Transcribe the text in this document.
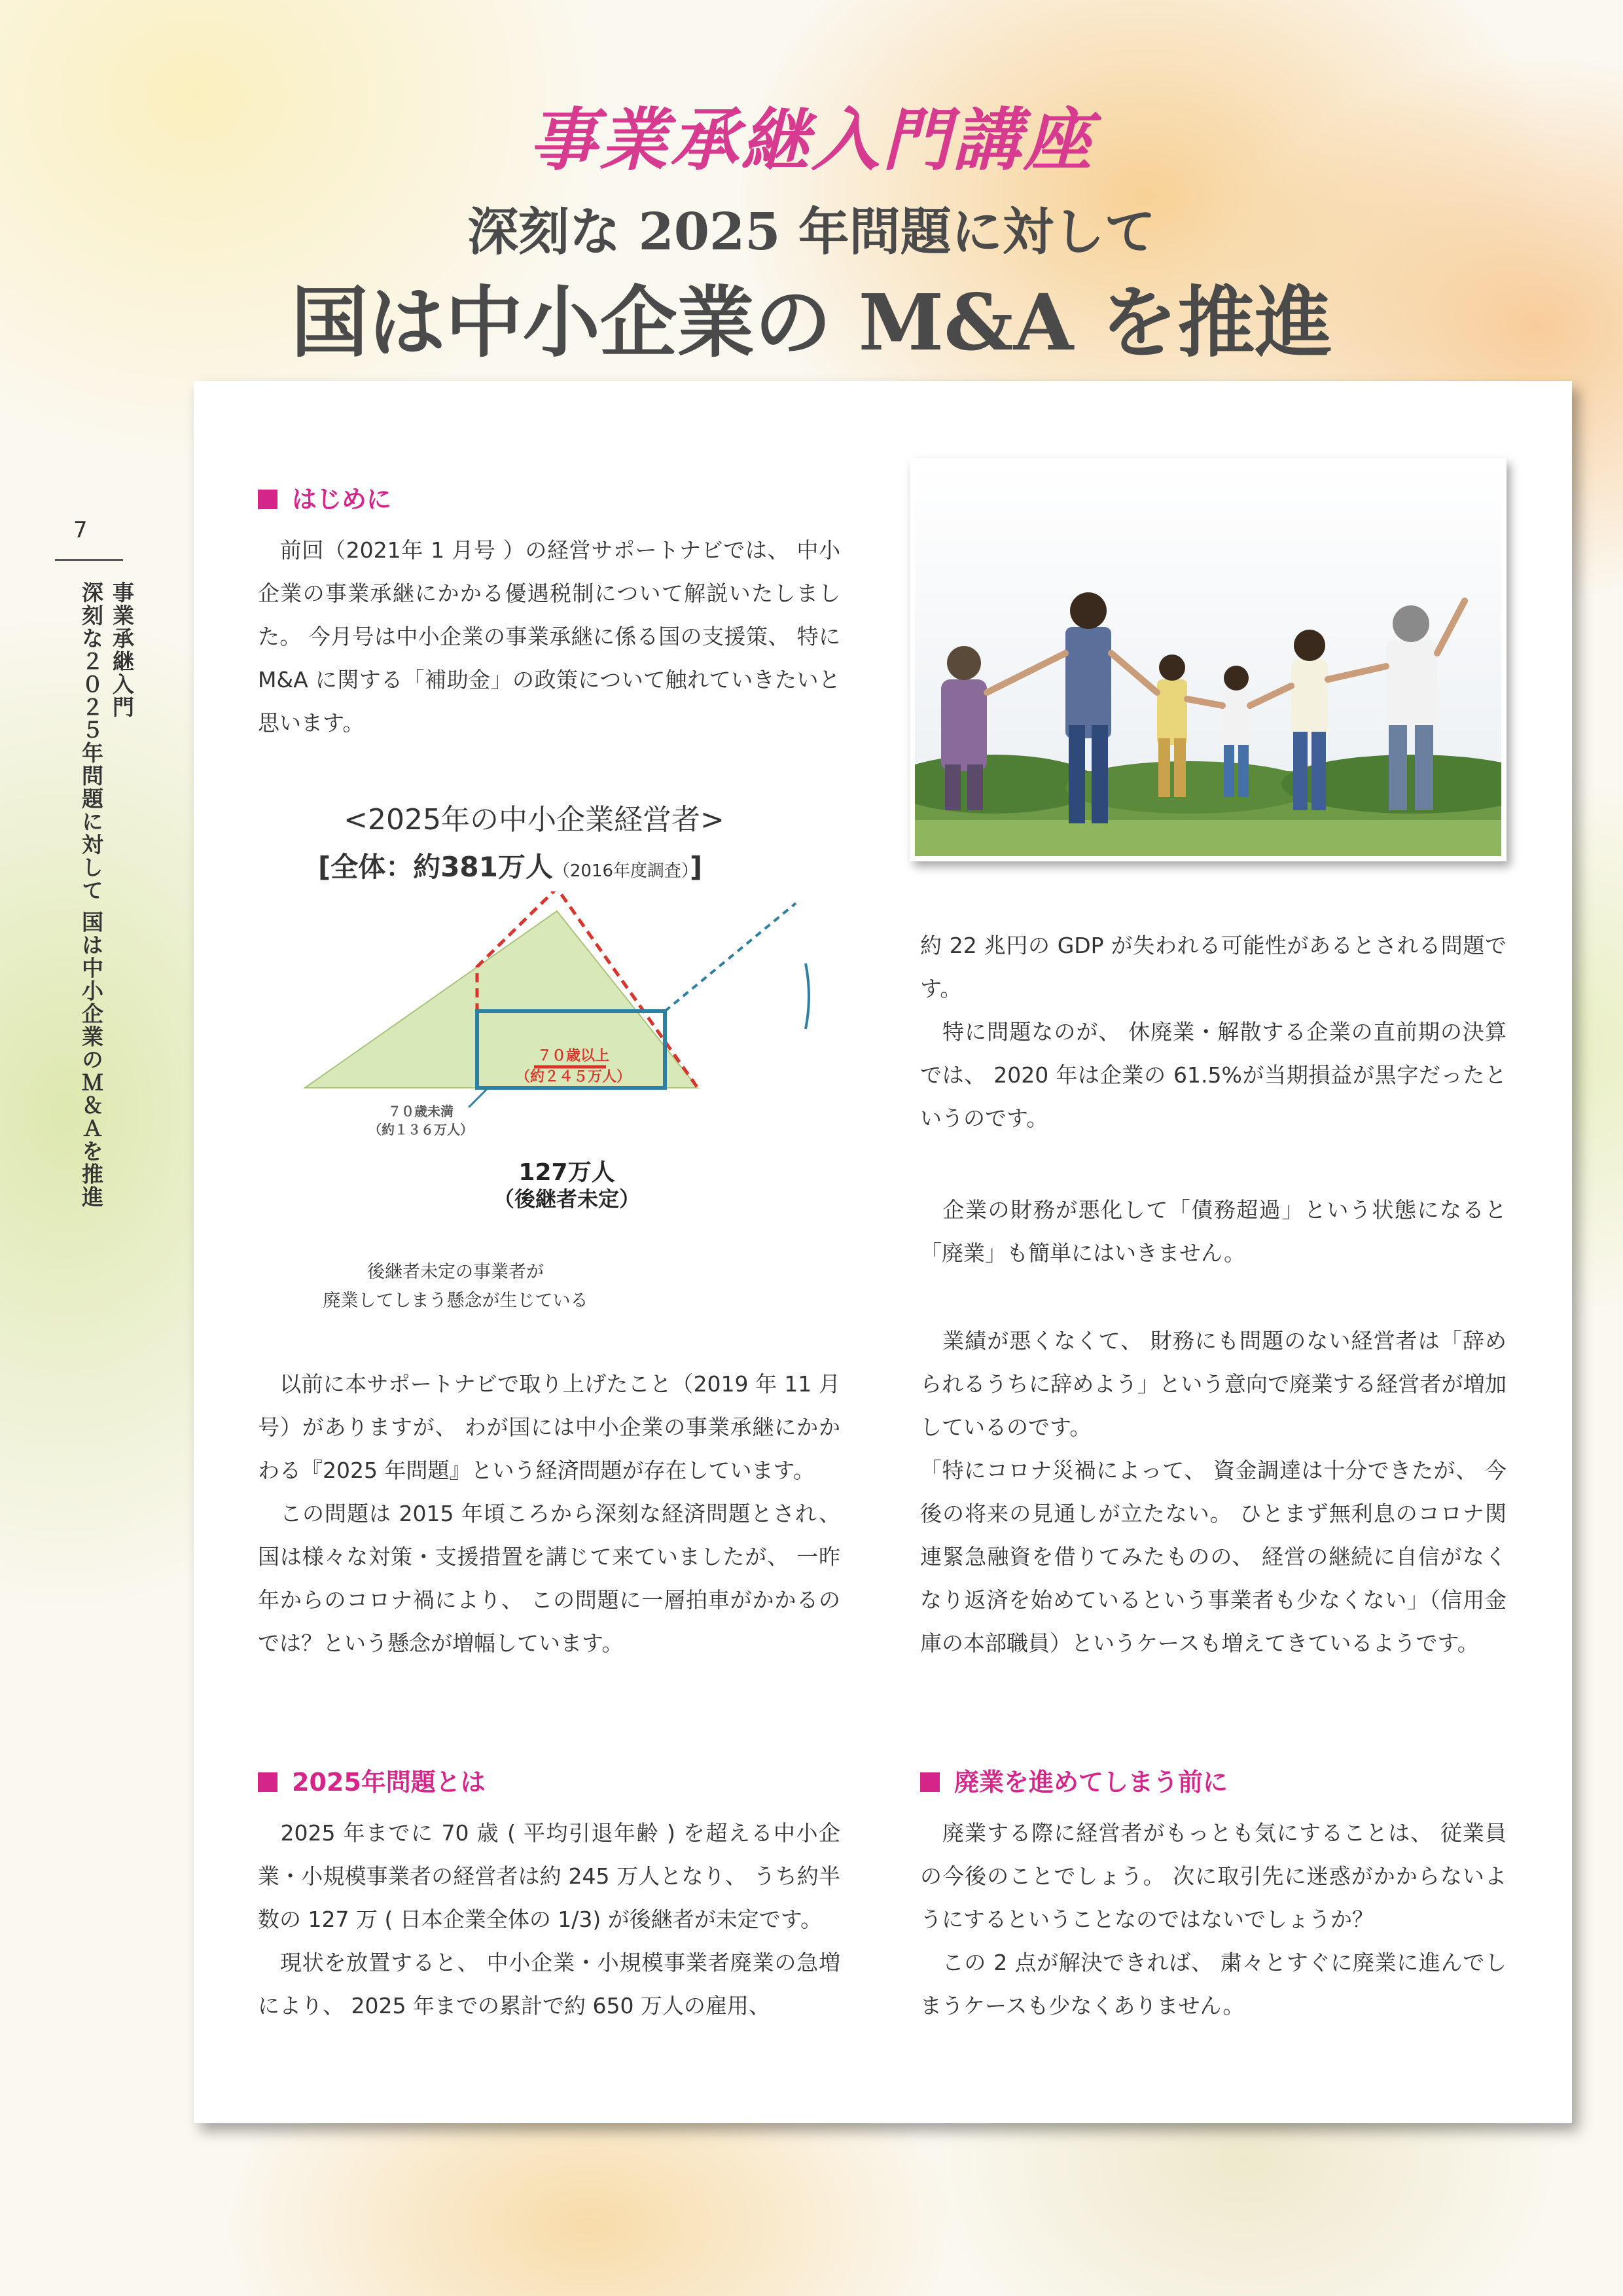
事業承継入門講座
深刻な 2025 年問題に対して
国は中小企業の M&A を推進
7
事業承継入門
深刻な２０２５年問題に対して 国は中小企業のＭ＆Ａを推進
はじめに
　前回（2021年 1 月号 ）の経営サポートナビでは、 中小企業の事業承継にかかる優遇税制について解説いたしました。 今月号は中小企業の事業承継に係る国の支援策、 特に M&A に関する「補助金」の政策について触れていきたいと思います。
<2025年の中小企業経営者>
[全体：約381万人（2016年度調査）]
７０歳未満
（約１３６万人）
７０歳以上
（約２４５万人）
127万人
（後継者未定）
後継者未定の事業者が
廃業してしまう懸念が生じている
　以前に本サポートナビで取り上げたこと（2019 年 11 月号）がありますが、 わが国には中小企業の事業承継にかかわる『2025 年問題』という経済問題が存在しています。
　この問題は 2015 年頃ころから深刻な経済問題とされ、 国は様々な対策・支援措置を講じて来ていましたが、 一昨年からのコロナ禍により、 この問題に一層拍車がかかるのでは？という懸念が増幅しています。
2025年問題とは
　2025 年までに 70 歳 ( 平均引退年齢 ) を超える中小企業・小規模事業者の経営者は約 245 万人となり、 うち約半数の 127 万 ( 日本企業全体の 1/3) が後継者が未定です。
　現状を放置すると、 中小企業・小規模事業者廃業の急増により、 2025 年までの累計で約 650 万人の雇用、
約 22 兆円の GDP が失われる可能性があるとされる問題です。
　特に問題なのが、 休廃業・解散する企業の直前期の決算では、 2020 年は企業の 61.5%が当期損益が黒字だったというのです。
　企業の財務が悪化して「債務超過」という状態になると「廃業」も簡単にはいきません。
　業績が悪くなくて、 財務にも問題のない経営者は「辞められるうちに辞めよう」という意向で廃業する経営者が増加しているのです。
「特にコロナ災禍によって、 資金調達は十分できたが、 今後の将来の見通しが立たない。 ひとまず無利息のコロナ関連緊急融資を借りてみたものの、 経営の継続に自信がなくなり返済を始めているという事業者も少なくない」（信用金庫の本部職員）というケースも増えてきているようです。
廃業を進めてしまう前に
　廃業する際に経営者がもっとも気にすることは、 従業員の今後のことでしょう。 次に取引先に迷惑がかからないようにするということなのではないでしょうか？
　この 2 点が解決できれば、 粛々とすぐに廃業に進んでしまうケースも少なくありません。
